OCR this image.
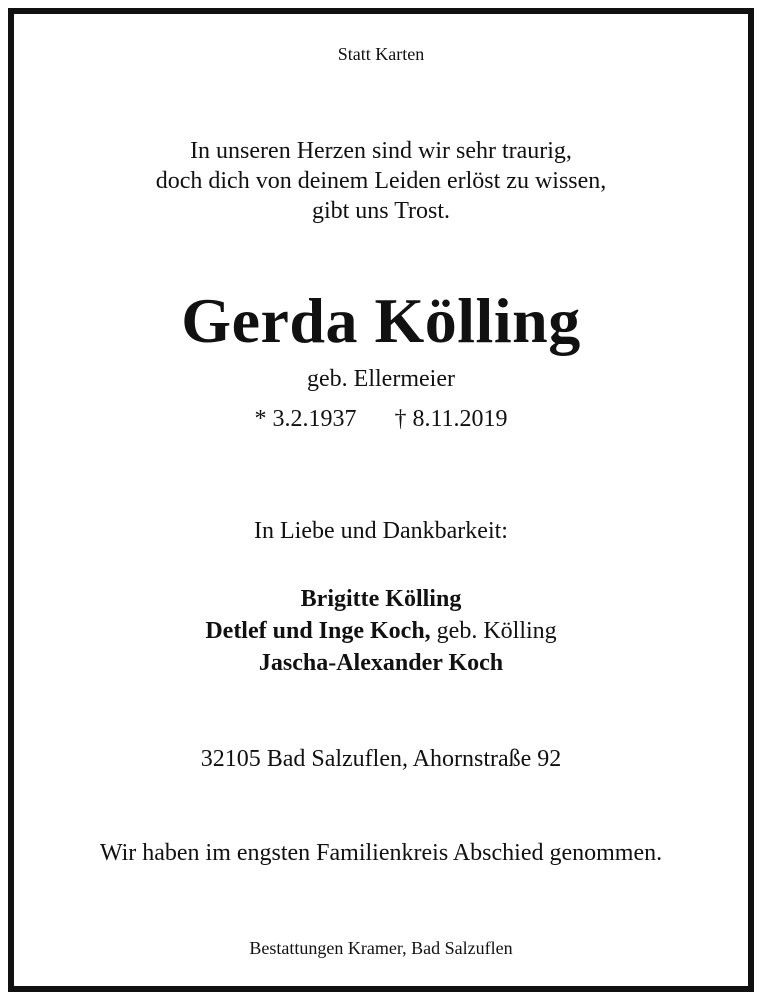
Statt Karten
In unseren Herzen sind wir sehr traurig,
doch dich von deinem Leiden erlöst zu wissen,
gibt uns Trost.
Gerda Kölling
geb. Ellermeier
* 3.2.1937 † 8.11.2019
In Liebe und Dankbarkeit:
Brigitte Kölling
Detlef und Inge Koch, geb. Kölling
Jascha-Alexander Koch
32105 Bad Salzuflen, Ahornstraße 92
Wir haben im engsten Familienkreis Abschied genommen.
Bestattungen Kramer, Bad Salzuflen
